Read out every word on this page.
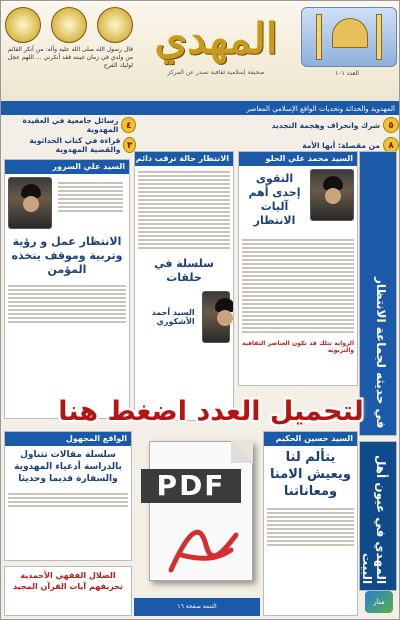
العدد ١٠١
المهدي
صحيفة إسلامية ثقافية تصدر عن المركز
قال رسول الله صلى الله عليه وآله: من أنكر القائم من ولدي في زمان غيبته فقد أنكرني ... اللهم عجل لوليك الفرج
المهدوية والحداثة وتحديات الواقع الإسلامي المعاصر
٥
شرك وانحراف وهجمة التجديد
٨
من مقصلة: أيها الأمة
٤
رسائل جامعية في العقيدة المهدوية
٣
قراءة في كتاب الحداثوية والقضية المهدوية
في حديثه لجماعة الانتظار
السيد محمد علي الحلو
التقوى إحدى أهم آليات الانتظار
الرواية تتلك قد تكون العناصر الثقافية والتربوية
الانتظار حالة ترقب دائم
سلسلة في حلقات
السيد أحمد الأشكوري
السيد علي السرور
الانتظار عمل و رؤية وتربية وموقف يتخذه المؤمن
الواقع المجهول
سلسلة مقالات تتناول بالدراسة أدعياء المهدوية والسفارة قديما وحديثا
الضلال الفقهي الأحمدية تحريفهم آيات القرآن المجيد
السيد حسين الحكيم
يتألم لنا ويعيش الامنا ومعاناتنا	المهدي في عيون أهل البيت
التتمة صفحة ١٦
منار
لتحميل العدد اضغط هنا
PDF
